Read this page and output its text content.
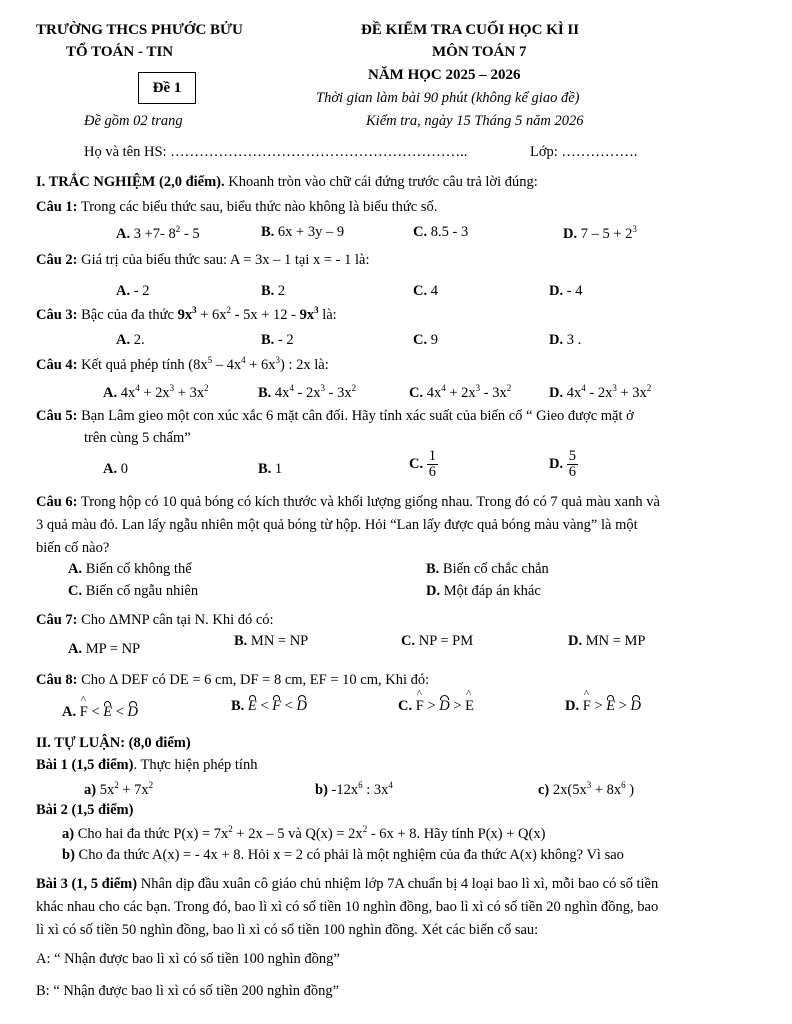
TRƯỜNG THCS PHƯỚC BỬU
TỔ TOÁN - TIN
ĐỀ KIỂM TRA CUỐI HỌC KÌ II
MÔN TOÁN 7
NĂM HỌC 2025 – 2026
Đề 1
Thời gian làm bài 90 phút (không kể giao đề)
Đề gồm 02 trang	Kiểm tra, ngày 15 Tháng 5 năm 2026
Họ và tên HS: ……………………………………………………..	Lớp: …………….
I. TRẮC NGHIỆM (2,0 điểm). Khoanh tròn vào chữ cái đứng trước câu trả lời đúng:
Câu 1: Trong các biểu thức sau, biểu thức nào không là biểu thức số.
A. 3 +7- $8^2 - 5$	B. 6x + 3y – 9	C. 8.5 - 3	D. $7 - 5 + 2^3$
Câu 2: Giá trị của biểu thức sau: A = 3x – 1 tại x = - 1 là:
A. - 2	B. 2	C. 4	D. - 4
Câu 3: Bậc của đa thức $9x^3 + 6x^2 - 5x + 12 - 9x^3$ là:
A. 2.	B. - 2	C. 9	D. 3 .
Câu 4: Kết quả phép tính $(8x^5 - 4x^4 + 6x^3)$ : 2x là:
A. $4x^4 + 2x^3 + 3x^2$	B. $4x^4 - 2x^3 - 3x^2$	C. $4x^4 + 2x^3 - 3x^2$	D. $4x^4 - 2x^3 + 3x^2$
Câu 5: Bạn Lâm gieo một con xúc xắc 6 mặt cân đối. Hãy tính xác suất của biến cố “ Gieo được mặt ở
trên cùng 5 chấm”
A. 0	B. 1	C. $\frac{1}{6}$	D. $\frac{5}{6}$
Câu 6: Trong hộp có 10 quả bóng có kích thước và khối lượng giống nhau. Trong đó có 7 quả màu xanh và
3 quả màu đỏ. Lan lấy ngẫu nhiên một quả bóng từ hộp. Hỏi “Lan lấy được quả bóng màu vàng” là một
biến cố nào?
A. Biến cố không thể	B. Biến cố chắc chắn
C. Biến cố ngẫu nhiên	D. Một đáp án khác
Câu 7: Cho ΔMNP cân tại N. Khi đó có:
A. MP = NP	B. MN = NP	C. NP = PM	D. MN = MP
Câu 8: Cho Δ DEF có DE = 6 cm, DF = 8 cm, EF = 10 cm, Khi đó:
A. ^ F < E < D	B. E < F < D	C. ^ F > D > ^ E	D. ^ F > E > D
II. TỰ LUẬN: (8,0 điểm)
Bài 1 (1,5 điểm). Thực hiện phép tính
a) $5x^2 + 7x^2$	b) $-12x^6$ : $3x^4$	c) $2x(5x^3 + 8x^6$ )
Bài 2 (1,5 điểm)
a) Cho hai đa thức $P(x) = 7x^2 + 2x - 5$ và $Q(x) = 2x^2 - 6x + 8$. Hãy tính P(x) + Q(x)
b) Cho đa thức A(x) = - 4x + 8. Hỏi x = 2 có phải là một nghiệm của đa thức A(x) không? Vì sao
Bài 3 (1, 5 điểm) Nhân dịp đầu xuân cô giáo chủ nhiệm lớp 7A chuẩn bị 4 loại bao lì xì, mỗi bao có số tiền
khác nhau cho các bạn. Trong đó, bao lì xì có số tiền 10 nghìn đồng, bao lì xì có số tiền 20 nghìn đồng, bao
lì xì có số tiền 50 nghìn đồng, bao lì xì có số tiền 100 nghìn đồng. Xét các biến cố sau:
A: “ Nhận được bao lì xì có số tiền 100 nghìn đồng”
B: “ Nhận được bao lì xì có số tiền 200 nghìn đồng”
